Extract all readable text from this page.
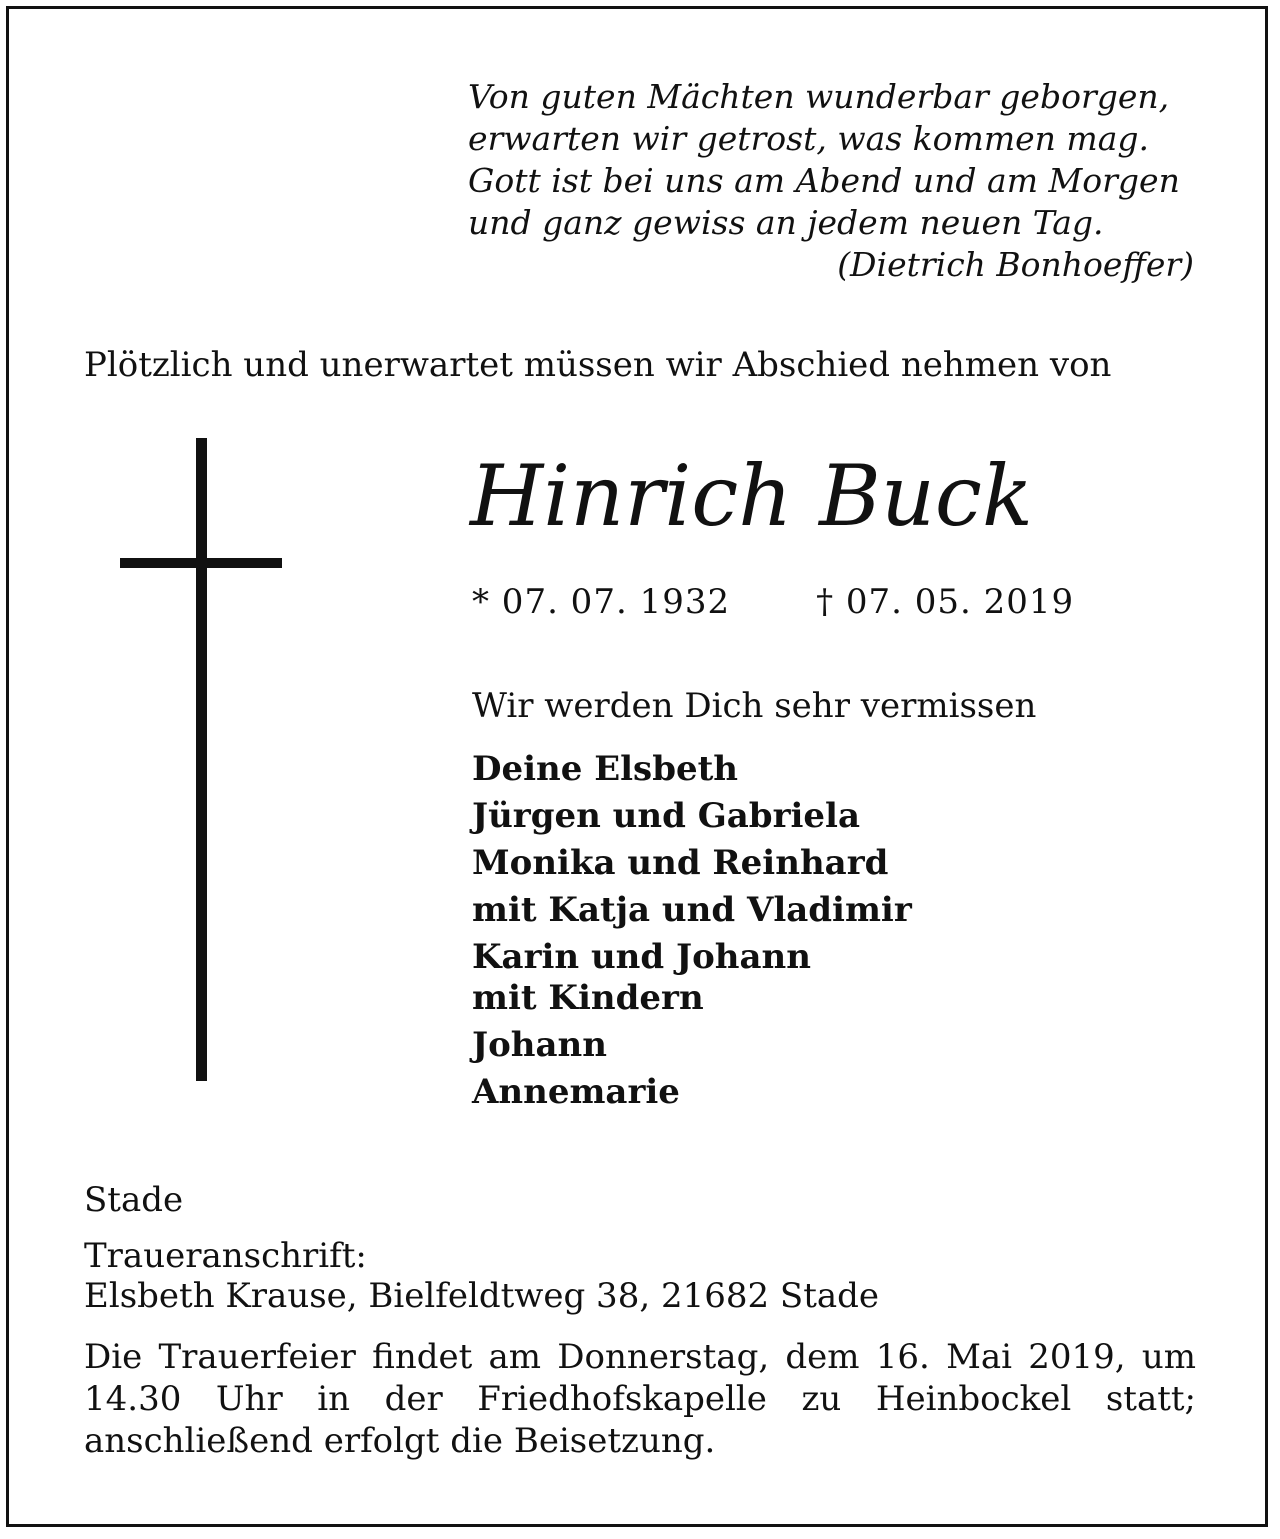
Von guten Mächten wunderbar geborgen,
erwarten wir getrost, was kommen mag.
Gott ist bei uns am Abend und am Morgen
und ganz gewiss an jedem neuen Tag.
(Dietrich Bonhoeffer)
Plötzlich und unerwartet müssen wir Abschied nehmen von
Hinrich Buck
* 07. 07. 1932	† 07. 05. 2019
Wir werden Dich sehr vermissen
Deine Elsbeth
Jürgen und Gabriela
Monika und Reinhard
mit Katja und Vladimir
Karin und Johann
mit Kindern
Johann
Annemarie
Stade
Traueranschrift:
Elsbeth Krause, Bielfeldtweg 38, 21682 Stade
Die Trauerfeier findet am Donnerstag, dem 16. Mai 2019, um 14.30 Uhr in der Friedhofskapelle zu Heinbockel statt; anschließend erfolgt die Beisetzung.
